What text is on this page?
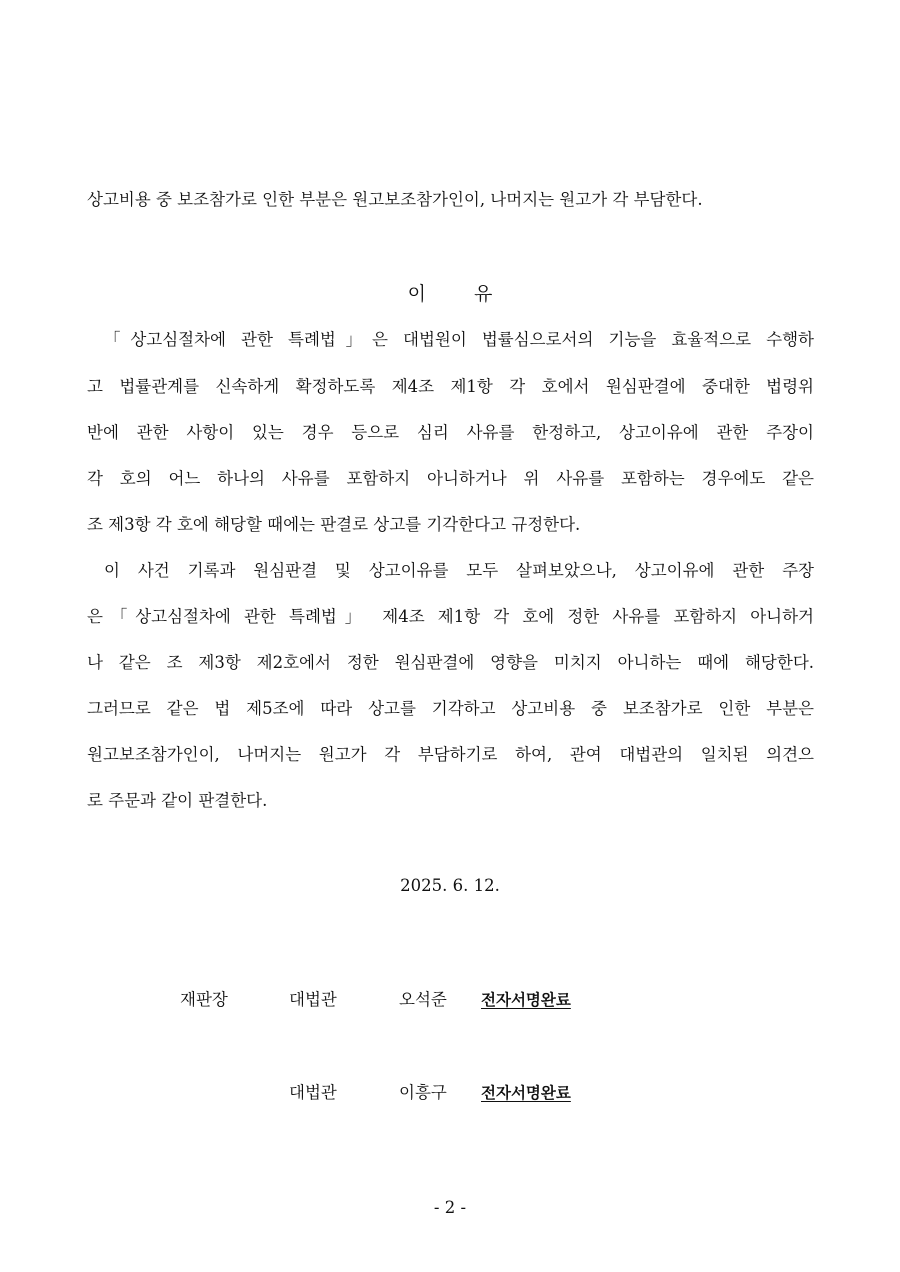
상고비용 중 보조참가로 인한 부분은 원고보조참가인이, 나머지는 원고가 각 부담한다.
이	유
「상고심절차에 관한 특례법」은 대법원이 법률심으로서의 기능을 효율적으로 수행하
고 법률관계를 신속하게 확정하도록 제4조 제1항 각 호에서 원심판결에 중대한 법령위
반에 관한 사항이 있는 경우 등으로 심리 사유를 한정하고, 상고이유에 관한 주장이
각 호의 어느 하나의 사유를 포함하지 아니하거나 위 사유를 포함하는 경우에도 같은
조 제3항 각 호에 해당할 때에는 판결로 상고를 기각한다고 규정한다.
이 사건 기록과 원심판결 및 상고이유를 모두 살펴보았으나, 상고이유에 관한 주장
은「상고심절차에 관한 특례법」 제4조 제1항 각 호에 정한 사유를 포함하지 아니하거
나 같은 조 제3항 제2호에서 정한 원심판결에 영향을 미치지 아니하는 때에 해당한다.
그러므로 같은 법 제5조에 따라 상고를 기각하고 상고비용 중 보조참가로 인한 부분은
원고보조참가인이, 나머지는 원고가 각 부담하기로 하여, 관여 대법관의 일치된 의견으
로 주문과 같이 판결한다.
2025. 6. 12.
재판장	대법관	오석준 전자서명완료
대법관	이흥구 전자서명완료
- 2 -
